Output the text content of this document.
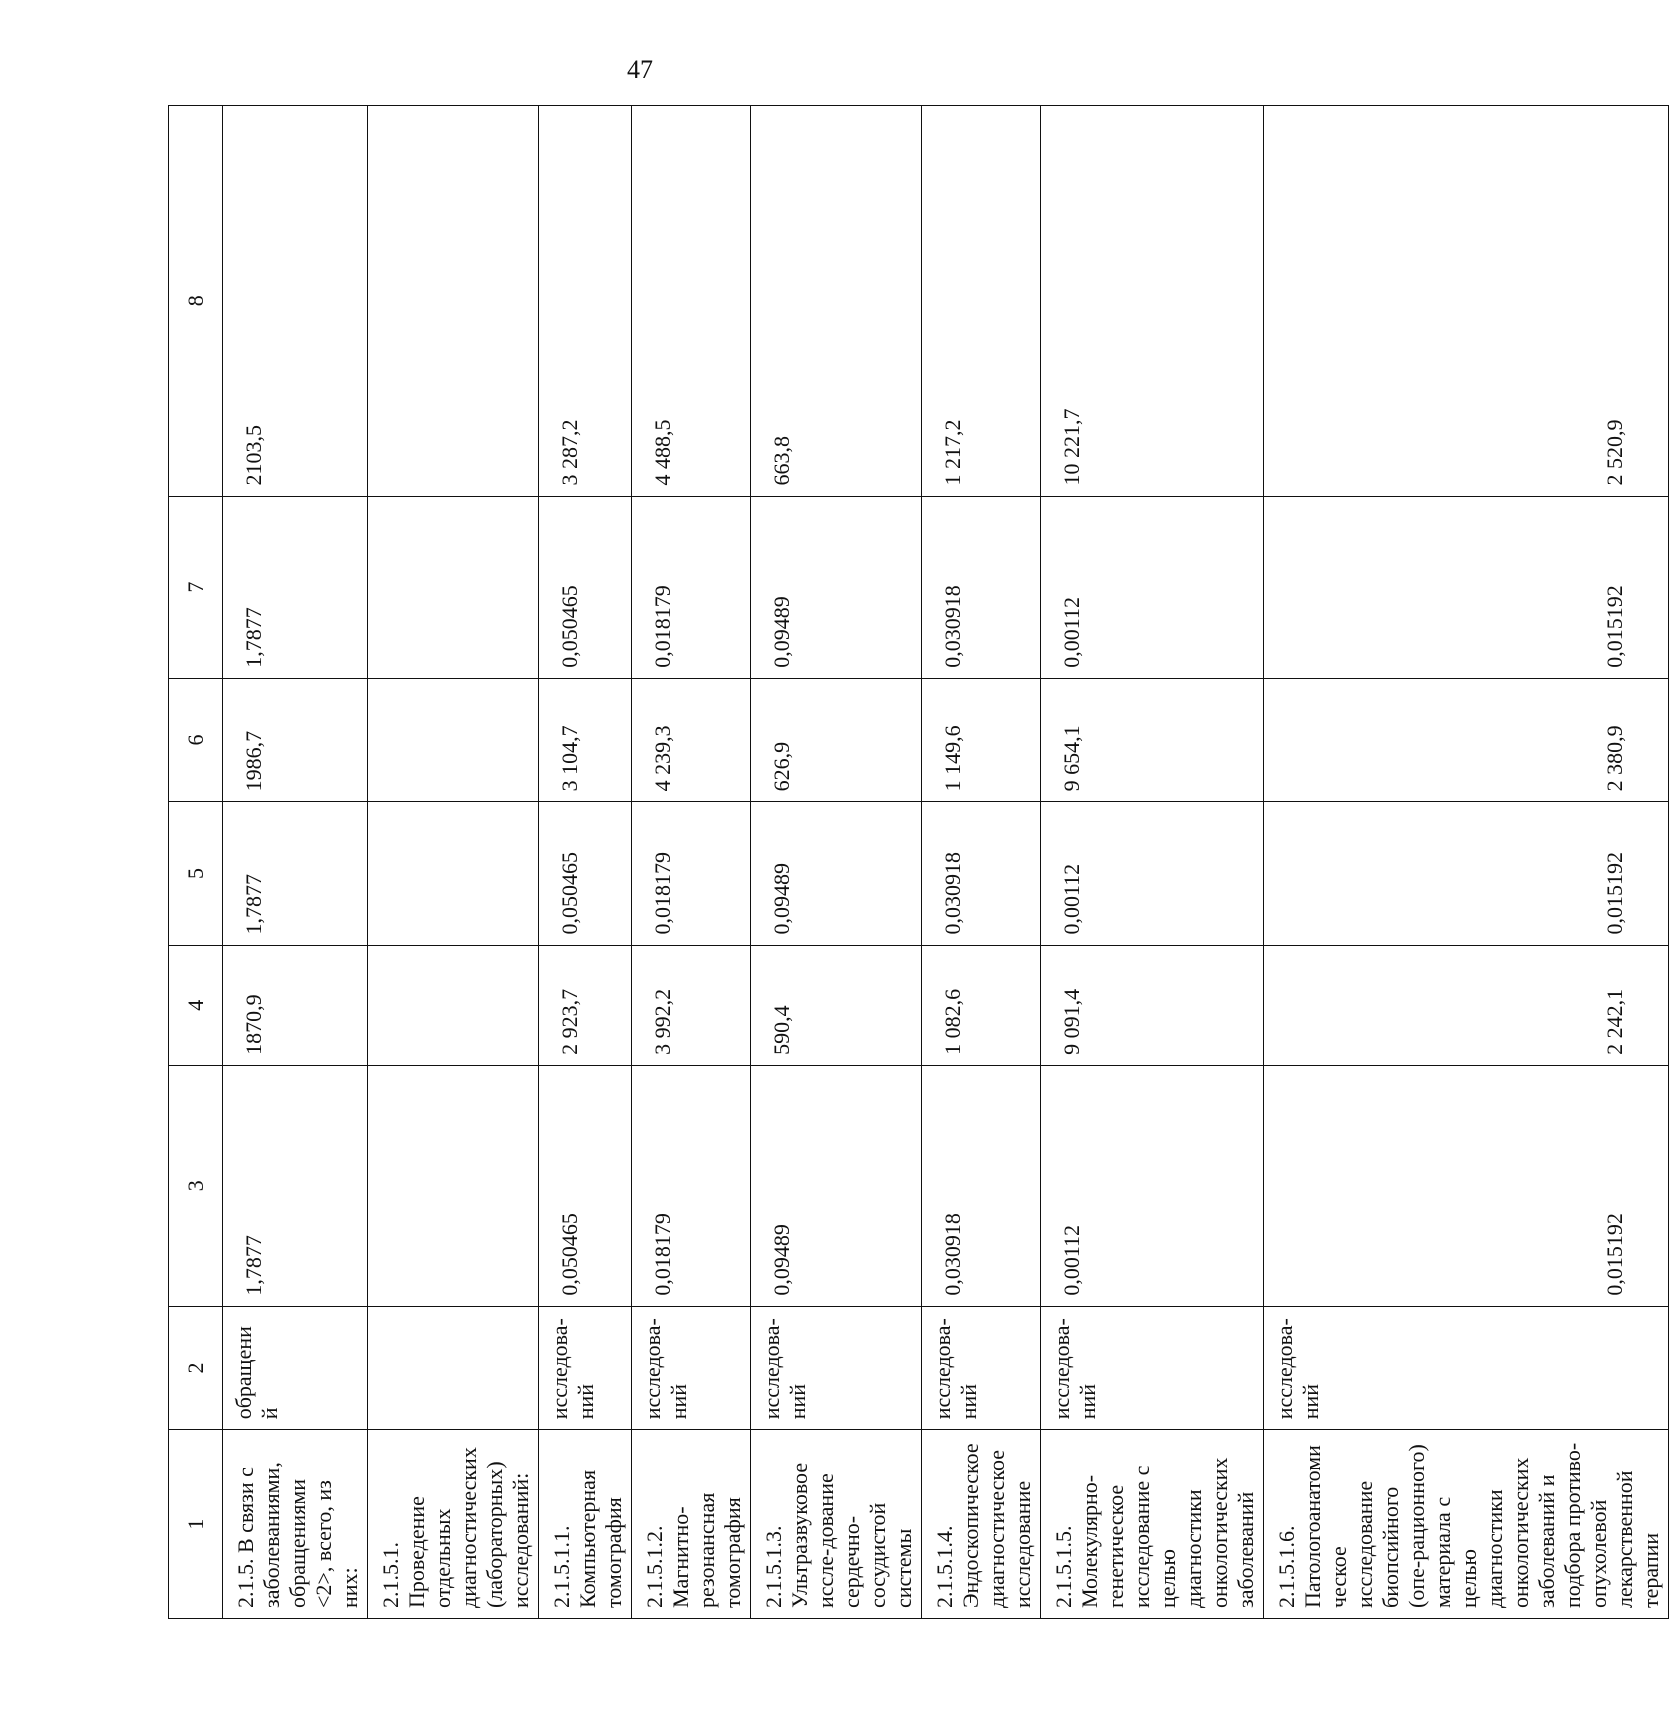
47
1	2	3	4	5	6	7	8
2.1.5. В связи с заболеваниями, обращениями <2>, всего, из них:	обращений	1,7877	1870,9	1,7877	1986,7	1,7877	2103,5
2.1.5.1. Проведение отдельных диагностических (лабораторных) исследований:							
2.1.5.1.1. Компьютерная томография	исследова-ний	0,050465	2 923,7	0,050465	3 104,7	0,050465	3 287,2
2.1.5.1.2. Магнитно-резонансная томография	исследова-ний	0,018179	3 992,2	0,018179	4 239,3	0,018179	4 488,5
2.1.5.1.3. Ультразвуковое иссле-дование сердечно-сосудистой системы	исследова-ний	0,09489	590,4	0,09489	626,9	0,09489	663,8
2.1.5.1.4. Эндоскопическое диагностическое исследование	исследова-ний	0,030918	1 082,6	0,030918	1 149,6	0,030918	1 217,2
2.1.5.1.5. Молекулярно-генетическое исследование с целью диагностики онкологических заболеваний	исследова-ний	0,00112	9 091,4	0,00112	9 654,1	0,00112	10 221,7
2.1.5.1.6. Патологоанатомическое исследование биопсийного (опе-рационного) материала с целью диагностики онкологических заболеваний и подбора противо-опухолевой лекарственной терапии	исследова-ний	0,015192	2 242,1	0,015192	2 380,9	0,015192	2 520,9
